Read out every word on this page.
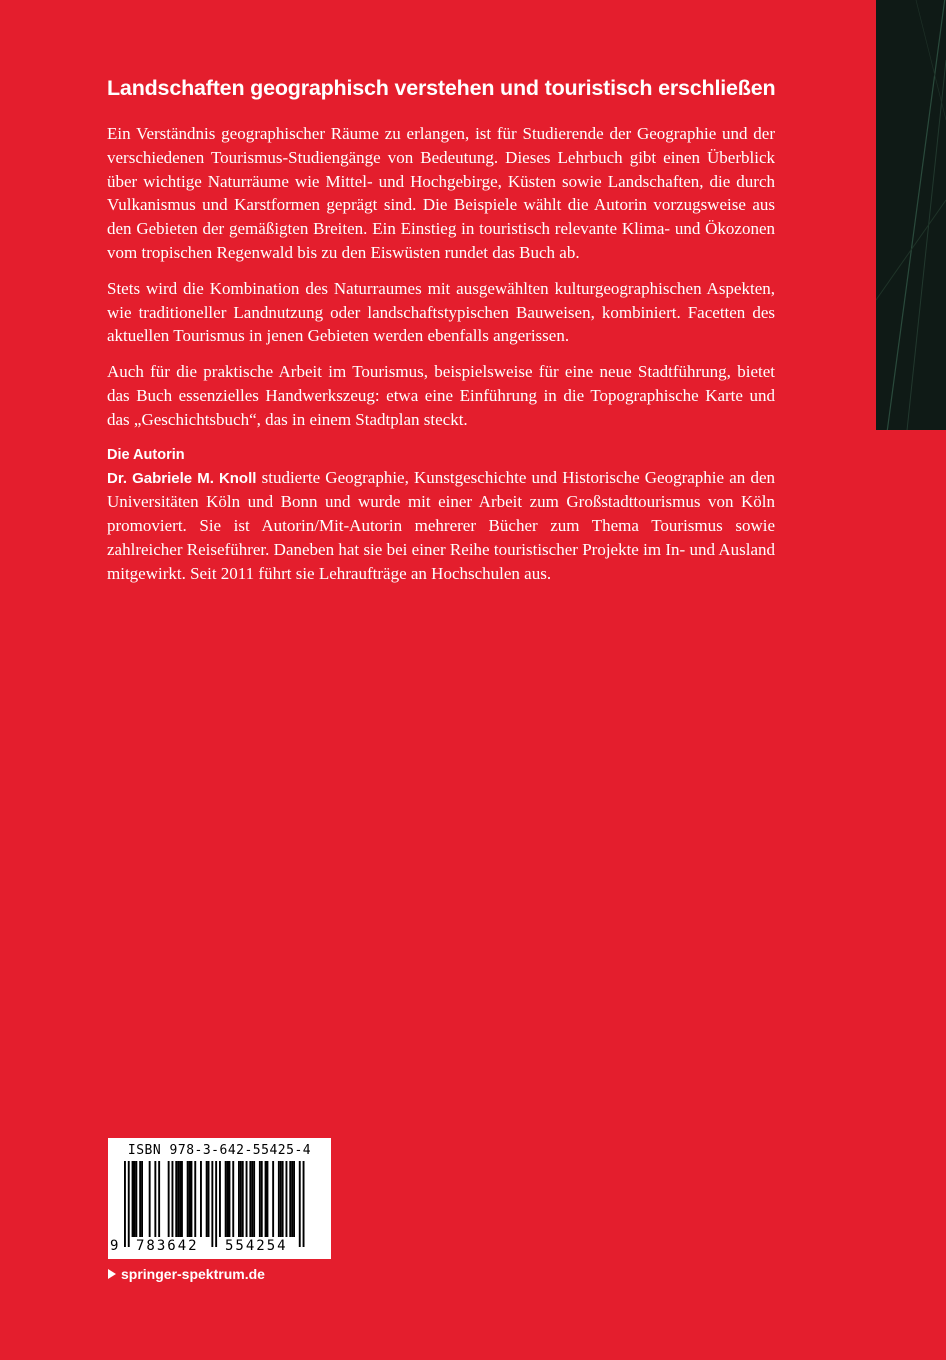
Landschaften geographisch verstehen und touristisch erschließen

Ein Verständnis geographischer Räume zu erlangen, ist für Studierende der Geographie und der verschiedenen Tourismus-Studiengänge von Bedeutung. Dieses Lehrbuch gibt einen Überblick über wichtige Naturräume wie Mittel- und Hochgebirge, Küsten sowie Landschaften, die durch Vulkanismus und Karstformen geprägt sind. Die Beispiele wählt die Autorin vorzugsweise aus den Gebieten der gemäßigten Breiten. Ein Einstieg in touristisch relevante Klima- und Ökozonen vom tropischen Regenwald bis zu den Eiswüsten rundet das Buch ab.

Stets wird die Kombination des Naturraumes mit ausgewählten kulturgeographischen Aspekten, wie traditioneller Landnutzung oder landschaftstypischen Bauweisen, kombiniert. Facetten des aktuellen Tourismus in jenen Gebieten werden ebenfalls angerissen.

Auch für die praktische Arbeit im Tourismus, beispielsweise für eine neue Stadtführung, bietet das Buch essenzielles Handwerkszeug: etwa eine Einführung in die Topographische Karte und das „Geschichtsbuch“, das in einem Stadtplan steckt.

Die Autorin

Dr. Gabriele M. Knoll studierte Geographie, Kunstgeschichte und Historische Geographie an den Universitäten Köln und Bonn und wurde mit einer Arbeit zum Großstadttourismus von Köln promoviert. Sie ist Autorin/Mit-Autorin mehrerer Bücher zum Thema Tourismus sowie zahlreicher Reiseführer. Daneben hat sie bei einer Reihe touristischer Projekte im In- und Ausland mitgewirkt. Seit 2011 führt sie Lehraufträge an Hochschulen aus.

ISBN 978-3-642-55425-4
9 783642 554254
springer-spektrum.de
